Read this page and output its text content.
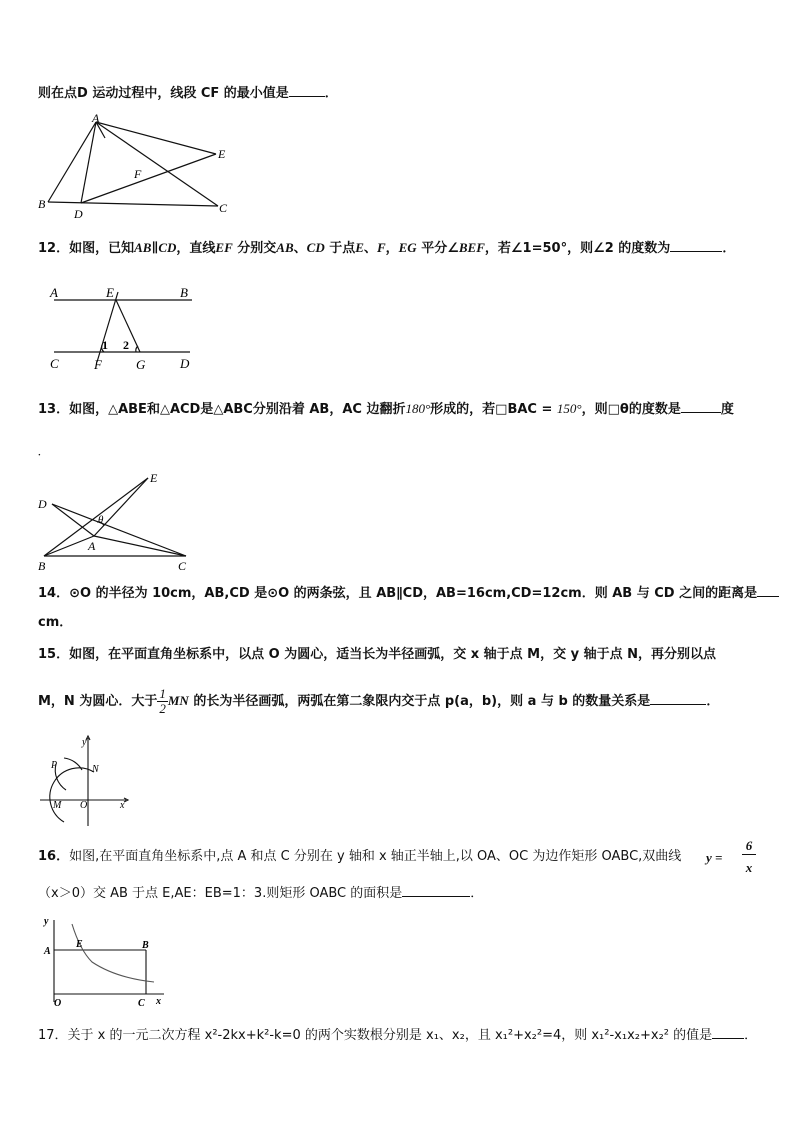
则在点D 运动过程中，线段 CF 的最小值是	．
A
B	C
D
E
F
12．如图，已知AB∥CD，直线EF 分别交AB、CD 于点E、F，EG 平分∠BEF，若∠1=50°，则∠2 的度数为	．
A	E	B
C	F	G	D
1 2
13．如图，△ABE和△ACD是△ABC分别沿着 AB，AC 边翻折180°形成的，若□BAC = 150°，则□θ的度数是	度
．
D
E
θ
A
B	C
14．⊙O 的半径为 10cm，AB,CD 是⊙O 的两条弦，且 AB∥CD，AB=16cm,CD=12cm．则 AB 与 CD 之间的距离是
cm．
15．如图，在平面直角坐标系中，以点 O 为圆心，适当长为半径画弧，交 x 轴于点 M，交 y 轴于点 N，再分别以点
M，N 为圆心．大于 $\frac{1}{2}$ MN 的长为半径画弧，两弧在第二象限内交于点 p(a，b)，则 a 与 b 的数量关系是	．
y
P	N
M O	x
16．如图,在平面直角坐标系中,点 A 和点 C 分别在 y 轴和 x 轴正半轴上,以 OA、OC 为边作矩形 OABC,双曲线 y =
6
x
（x＞0）交 AB 于点 E,AE：EB=1：3.则矩形 OABC 的面积是	．
y
A
E	B
O	C x
17．关于 x 的一元二次方程 x²-2kx+k²-k=0 的两个实数根分别是 x₁、x₂，且 x₁²+x₂²=4，则 x₁²-x₁x₂+x₂² 的值是 ．
